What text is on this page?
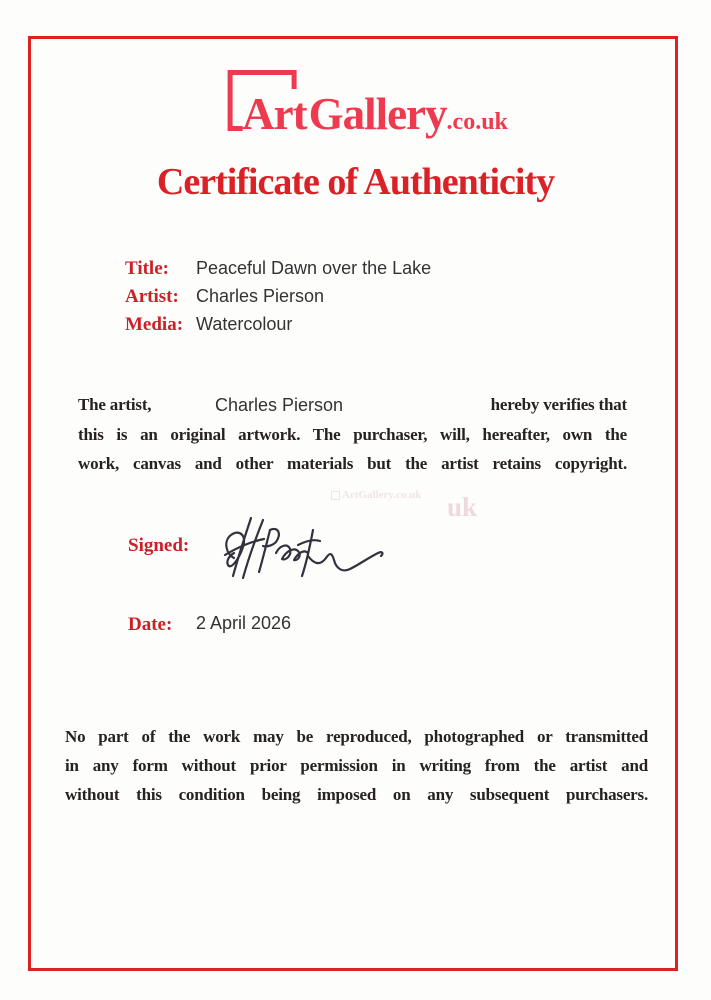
ArtGallery.co.uk
Certificate of Authenticity
Title:	Peaceful Dawn over the Lake
Artist: Charles Pierson
Media: Watercolour
The artist,	Charles Pierson	hereby verifies that
this is an original artwork. The purchaser, will, hereafter, own the
work, canvas and other materials but the artist retains copyright.
ArtGallery.co.uk uk
Signed:
Date: 2 April 2026
No part of the work may be reproduced, photographed or transmitted
in any form without prior permission in writing from the artist and
without this condition being imposed on any subsequent purchasers.
